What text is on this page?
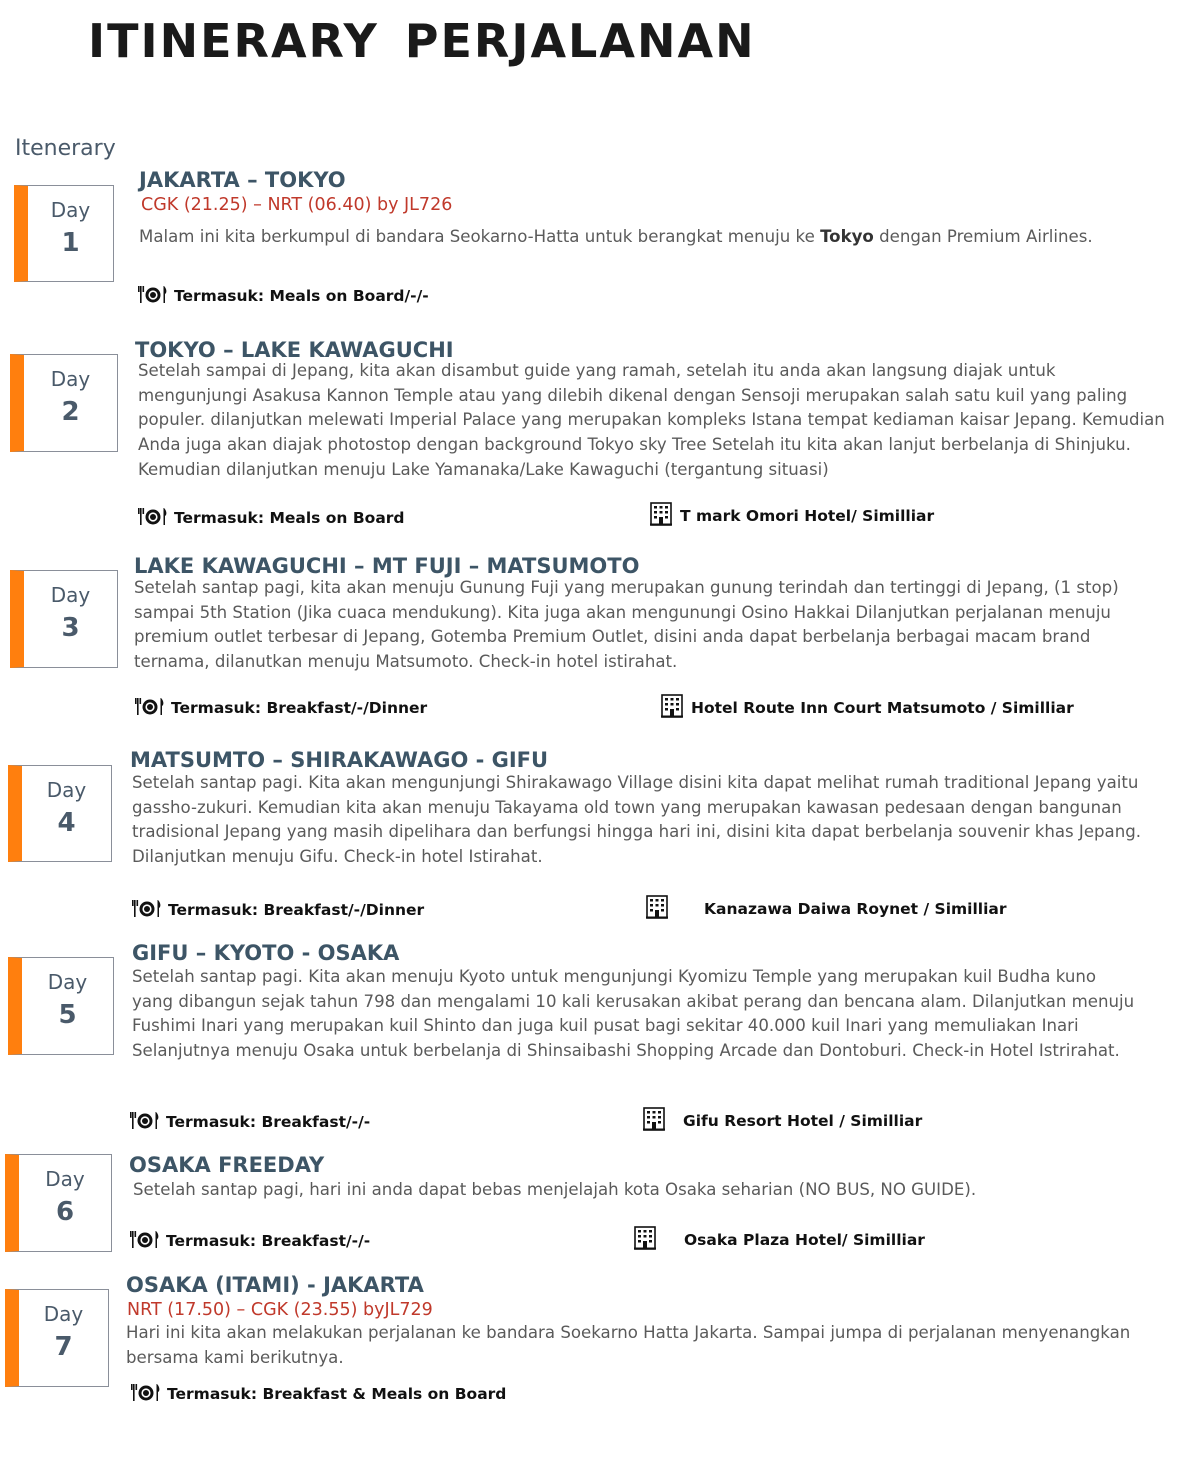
ITINERARY PERJALANAN
Itenerary
Day
1
JAKARTA – TOKYO
CGK (21.25) – NRT (06.40) by JL726
Malam ini kita berkumpul di bandara Seokarno-Hatta untuk berangkat menuju ke Tokyo dengan Premium Airlines.
Termasuk: Meals on Board/-/-
Day
2
TOKYO – LAKE KAWAGUCHI
Setelah sampai di Jepang, kita akan disambut guide yang ramah, setelah itu anda akan langsung diajak untuk mengunjungi Asakusa Kannon Temple atau yang dilebih dikenal dengan Sensoji merupakan salah satu kuil yang paling populer. dilanjutkan melewati Imperial Palace yang merupakan kompleks Istana tempat kediaman kaisar Jepang. Kemudian Anda juga akan diajak photostop dengan background Tokyo sky Tree Setelah itu kita akan lanjut berbelanja di Shinjuku. Kemudian dilanjutkan menuju Lake Yamanaka/Lake Kawaguchi (tergantung situasi)
Termasuk: Meals on Board	T mark Omori Hotel/ Similliar
Day
3
LAKE KAWAGUCHI – MT FUJI – MATSUMOTO
Setelah santap pagi, kita akan menuju Gunung Fuji yang merupakan gunung terindah dan tertinggi di Jepang, (1 stop) sampai 5th Station (Jika cuaca mendukung). Kita juga akan mengunungi Osino Hakkai Dilanjutkan perjalanan menuju premium outlet terbesar di Jepang, Gotemba Premium Outlet, disini anda dapat berbelanja berbagai macam brand ternama, dilanutkan menuju Matsumoto. Check-in hotel istirahat.
Termasuk: Breakfast/-/Dinner	Hotel Route Inn Court Matsumoto / Similliar
Day
4
MATSUMTO – SHIRAKAWAGO - GIFU
Setelah santap pagi. Kita akan mengunjungi Shirakawago Village disini kita dapat melihat rumah traditional Jepang yaitu gassho-zukuri. Kemudian kita akan menuju Takayama old town yang merupakan kawasan pedesaan dengan bangunan tradisional Jepang yang masih dipelihara dan berfungsi hingga hari ini, disini kita dapat berbelanja souvenir khas Jepang. Dilanjutkan menuju Gifu. Check-in hotel Istirahat.
Termasuk: Breakfast/-/Dinner	Kanazawa Daiwa Roynet / Similliar
Day
5
GIFU – KYOTO - OSAKA
Setelah santap pagi. Kita akan menuju Kyoto untuk mengunjungi Kyomizu Temple yang merupakan kuil Budha kuno yang dibangun sejak tahun 798 dan mengalami 10 kali kerusakan akibat perang dan bencana alam. Dilanjutkan menuju Fushimi Inari yang merupakan kuil Shinto dan juga kuil pusat bagi sekitar 40.000 kuil Inari yang memuliakan Inari Selanjutnya menuju Osaka untuk berbelanja di Shinsaibashi Shopping Arcade dan Dontoburi. Check-in Hotel Istrirahat.
Termasuk: Breakfast/-/-	Gifu Resort Hotel / Similliar
Day
6
OSAKA FREEDAY
Setelah santap pagi, hari ini anda dapat bebas menjelajah kota Osaka seharian (NO BUS, NO GUIDE).
Termasuk: Breakfast/-/-	Osaka Plaza Hotel/ Similliar
Day
7
OSAKA (ITAMI) - JAKARTA
NRT (17.50) – CGK (23.55) byJL729
Hari ini kita akan melakukan perjalanan ke bandara Soekarno Hatta Jakarta. Sampai jumpa di perjalanan menyenangkan bersama kami berikutnya.
Termasuk: Breakfast & Meals on Board
